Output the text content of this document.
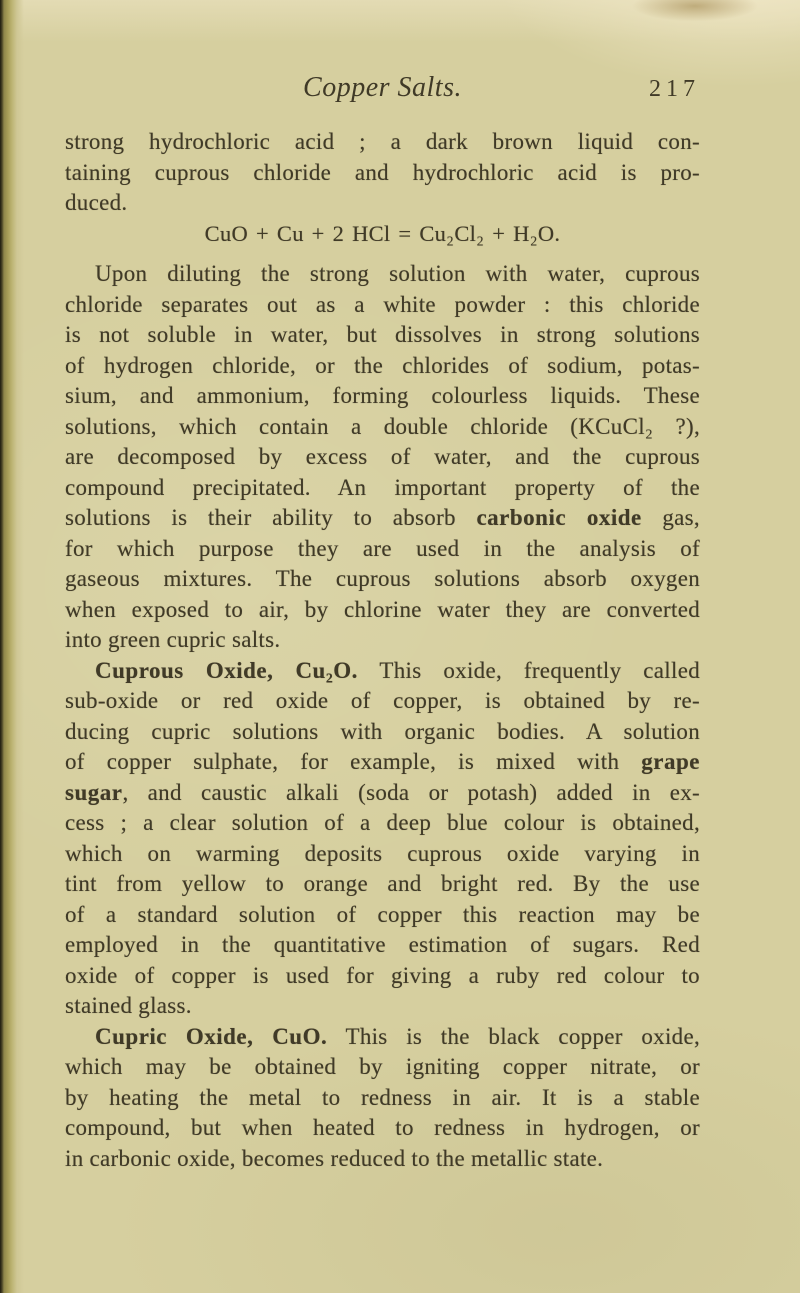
Copper Salts.	217
strong hydrochloric acid ; a dark brown liquid con-
taining cuprous chloride and hydrochloric acid is pro-
duced.
CuO + Cu + 2 HCl = Cu₂Cl₂ + H₂O.
Upon diluting the strong solution with water, cuprous
chloride separates out as a white powder : this chloride
is not soluble in water, but dissolves in strong solutions
of hydrogen chloride, or the chlorides of sodium, potas-
sium, and ammonium, forming colourless liquids. These
solutions, which contain a double chloride (KCuCl₂ ?),
are decomposed by excess of water, and the cuprous
compound precipitated. An important property of the
solutions is their ability to absorb carbonic oxide gas,
for which purpose they are used in the analysis of
gaseous mixtures. The cuprous solutions absorb oxygen
when exposed to air, by chlorine water they are converted
into green cupric salts.
Cuprous Oxide, Cu₂O. This oxide, frequently called
sub-oxide or red oxide of copper, is obtained by re-
ducing cupric solutions with organic bodies. A solution
of copper sulphate, for example, is mixed with grape
sugar, and caustic alkali (soda or potash) added in ex-
cess ; a clear solution of a deep blue colour is obtained,
which on warming deposits cuprous oxide varying in
tint from yellow to orange and bright red. By the use
of a standard solution of copper this reaction may be
employed in the quantitative estimation of sugars. Red
oxide of copper is used for giving a ruby red colour to
stained glass.
Cupric Oxide, CuO. This is the black copper oxide,
which may be obtained by igniting copper nitrate, or
by heating the metal to redness in air. It is a stable
compound, but when heated to redness in hydrogen, or
in carbonic oxide, becomes reduced to the metallic state.
